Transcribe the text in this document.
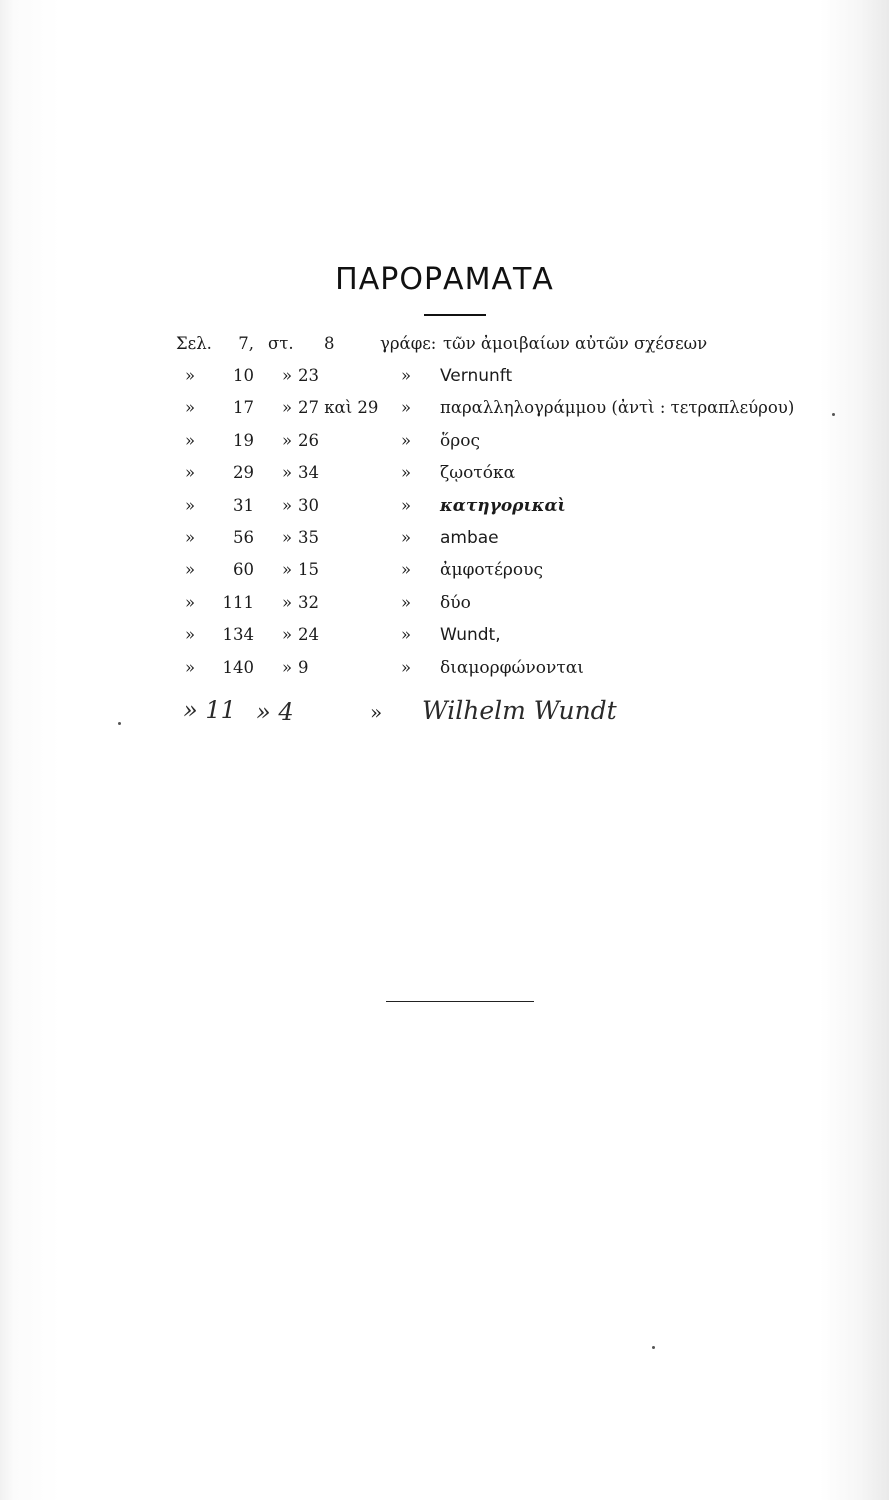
ΠΑΡΟΡΑΜΑΤΑ
Σελ.	7, στ. 8	γράφε: τῶν ἀμοιβαίων αὐτῶν σχέσεων
»	10 » 23	» Vernunft
»	17 » 27 καὶ 29 » παραλληλογράμμου (ἀντὶ : τετραπλεύρου)
»	19 » 26	» ὅρος
»	29 » 34	» ζῳοτόκα
»	31 » 30	» κατηγορικαὶ
»	56 » 35	» ambae
»	60 » 15	» ἀμφοτέρους
»	111 » 32	» δύο
»	134 » 24	» Wundt,
»	140 » 9	» διαμορφώνονται
» 11 » 4	» Wilhelm Wundt
